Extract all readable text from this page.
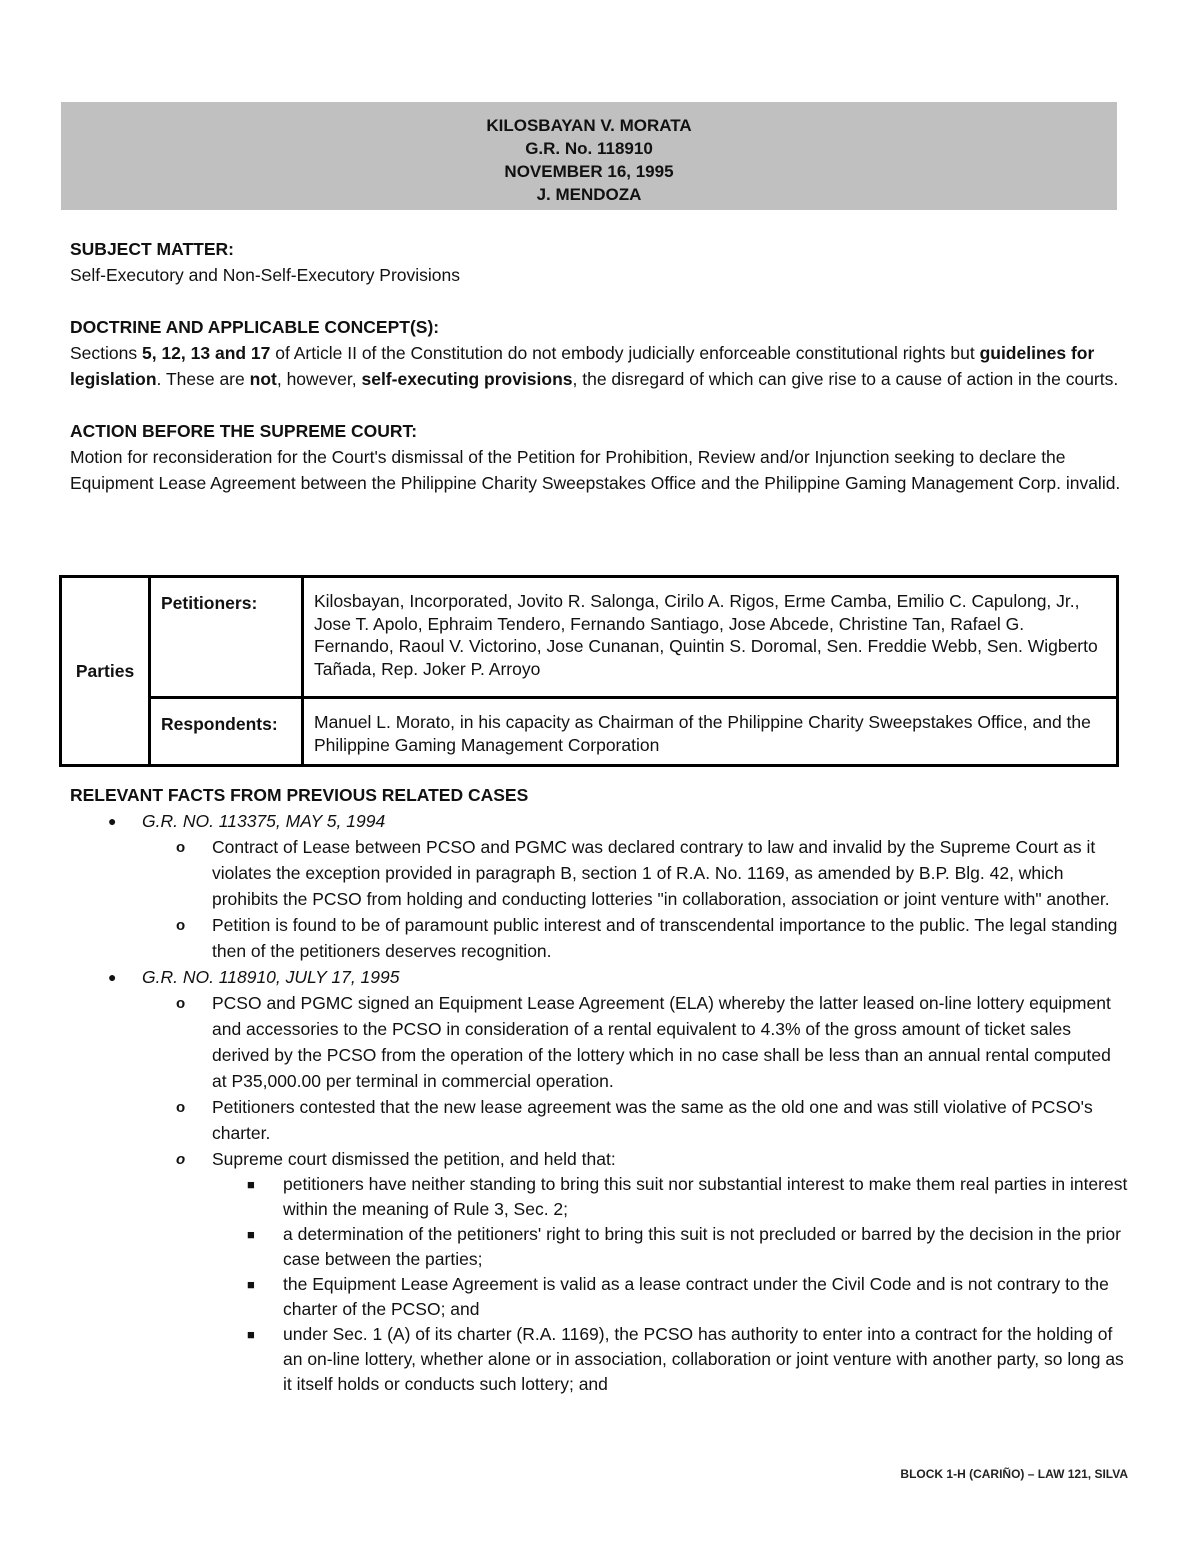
KILOSBAYAN V. MORATA
G.R. No. 118910
NOVEMBER 16, 1995
J. MENDOZA

SUBJECT MATTER:

Self-Executory and Non-Self-Executory Provisions

DOCTRINE AND APPLICABLE CONCEPT(S):

Sections 5, 12, 13 and 17 of Article II of the Constitution do not embody judicially enforceable constitutional rights but guidelines for legislation. These are not, however, self-executing provisions, the disregard of which can give rise to a cause of action in the courts.

ACTION BEFORE THE SUPREME COURT:

Motion for reconsideration for the Court's dismissal of the Petition for Prohibition, Review and/or Injunction seeking to declare the Equipment Lease Agreement between the Philippine Charity Sweepstakes Office and the Philippine Gaming Management Corp. invalid.

Parties	Petitioners:	Kilosbayan, Incorporated, Jovito R. Salonga, Cirilo A. Rigos, Erme Camba, Emilio C. Capulong, Jr., Jose T. Apolo, Ephraim Tendero, Fernando Santiago, Jose Abcede, Christine Tan, Rafael G. Fernando, Raoul V. Victorino, Jose Cunanan, Quintin S. Doromal, Sen. Freddie Webb, Sen. Wigberto Tañada, Rep. Joker P. Arroyo
	Respondents:	Manuel L. Morato, in his capacity as Chairman of the Philippine Charity Sweepstakes Office, and the Philippine Gaming Management Corporation

RELEVANT FACTS FROM PREVIOUS RELATED CASES

● G.R. NO. 113375, MAY 5, 1994
o Contract of Lease between PCSO and PGMC was declared contrary to law and invalid by the Supreme Court as it violates the exception provided in paragraph B, section 1 of R.A. No. 1169, as amended by B.P. Blg. 42, which prohibits the PCSO from holding and conducting lotteries "in collaboration, association or joint venture with" another.
o Petition is found to be of paramount public interest and of transcendental importance to the public. The legal standing then of the petitioners deserves recognition.
● G.R. NO. 118910, JULY 17, 1995
o PCSO and PGMC signed an Equipment Lease Agreement (ELA) whereby the latter leased on-line lottery equipment and accessories to the PCSO in consideration of a rental equivalent to 4.3% of the gross amount of ticket sales derived by the PCSO from the operation of the lottery which in no case shall be less than an annual rental computed at P35,000.00 per terminal in commercial operation.
o Petitioners contested that the new lease agreement was the same as the old one and was still violative of PCSO's charter.
o Supreme court dismissed the petition, and held that:
■ petitioners have neither standing to bring this suit nor substantial interest to make them real parties in interest within the meaning of Rule 3, Sec. 2;
■ a determination of the petitioners' right to bring this suit is not precluded or barred by the decision in the prior case between the parties;
■ the Equipment Lease Agreement is valid as a lease contract under the Civil Code and is not contrary to the charter of the PCSO; and
■ under Sec. 1 (A) of its charter (R.A. 1169), the PCSO has authority to enter into a contract for the holding of an on-line lottery, whether alone or in association, collaboration or joint venture with another party, so long as it itself holds or conducts such lottery; and
BLOCK 1-H (CARIÑO) – LAW 121, SILVA
